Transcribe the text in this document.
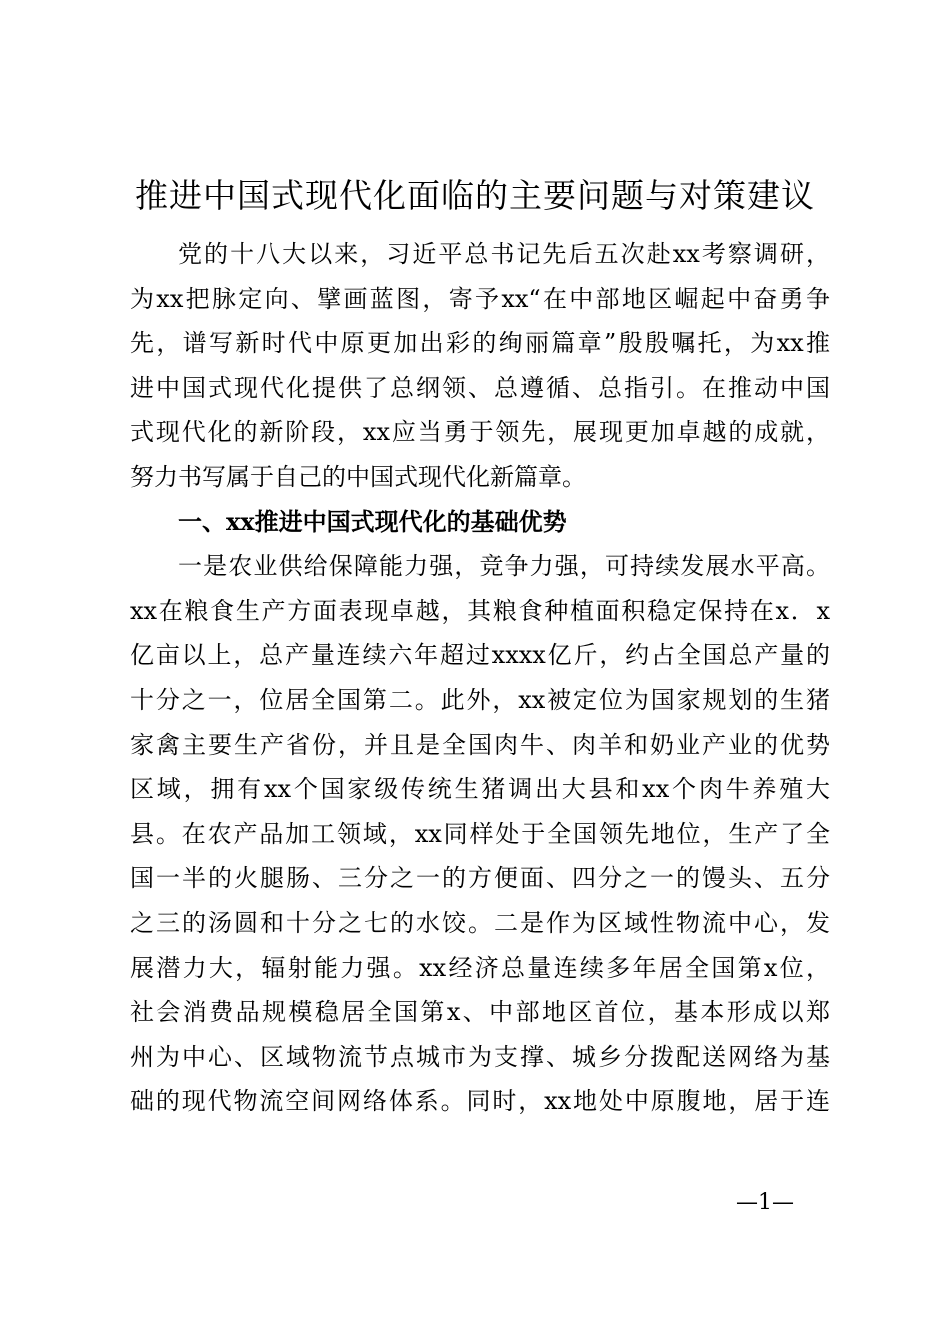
推进中国式现代化面临的主要问题与对策建议
党的十八大以来，习近平总书记先后五次赴xx考察调研，
为xx把脉定向、擘画蓝图，寄予xx“在中部地区崛起中奋勇争
先，谱写新时代中原更加出彩的绚丽篇章”殷殷嘱托，为xx推
进中国式现代化提供了总纲领、总遵循、总指引。在推动中国
式现代化的新阶段，xx应当勇于领先，展现更加卓越的成就，
努力书写属于自己的中国式现代化新篇章。
一、xx推进中国式现代化的基础优势
一是农业供给保障能力强，竞争力强，可持续发展水平高。
xx在粮食生产方面表现卓越，其粮食种植面积稳定保持在x．x
亿亩以上，总产量连续六年超过xxxx亿斤，约占全国总产量的
十分之一，位居全国第二。此外，xx被定位为国家规划的生猪
家禽主要生产省份，并且是全国肉牛、肉羊和奶业产业的优势
区域，拥有xx个国家级传统生猪调出大县和xx个肉牛养殖大
县。在农产品加工领域，xx同样处于全国领先地位，生产了全
国一半的火腿肠、三分之一的方便面、四分之一的馒头、五分
之三的汤圆和十分之七的水饺。二是作为区域性物流中心，发
展潜力大，辐射能力强。xx经济总量连续多年居全国第x位，
社会消费品规模稳居全国第x、中部地区首位，基本形成以郑
州为中心、区域物流节点城市为支撑、城乡分拨配送网络为基
础的现代物流空间网络体系。同时，xx地处中原腹地，居于连
—1—
